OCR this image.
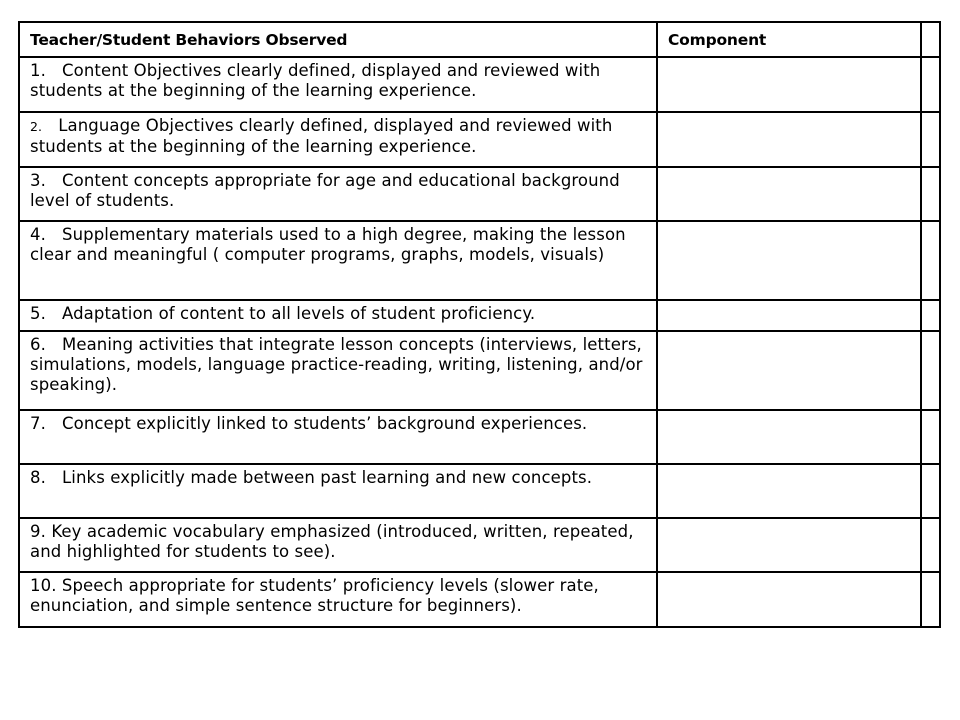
Teacher/Student Behaviors Observed	Component	
1. Content Objectives clearly defined, displayed and reviewed with students at the beginning of the learning experience.		
2. Language Objectives clearly defined, displayed and reviewed with students at the beginning of the learning experience.		
3. Content concepts appropriate for age and educational background level of students.		
4. Supplementary materials used to a high degree, making the lesson clear and meaningful ( computer programs, graphs, models, visuals)		
5. Adaptation of content to all levels of student proficiency.		
6. Meaning activities that integrate lesson concepts (interviews, letters, simulations, models, language practice-reading, writing, listening, and/or speaking).		
7. Concept explicitly linked to students’ background experiences.		
8. Links explicitly made between past learning and new concepts.		
9. Key academic vocabulary emphasized (introduced, written, repeated, and highlighted for students to see).		
10. Speech appropriate for students’ proficiency levels (slower rate, enunciation, and simple sentence structure for beginners).		
